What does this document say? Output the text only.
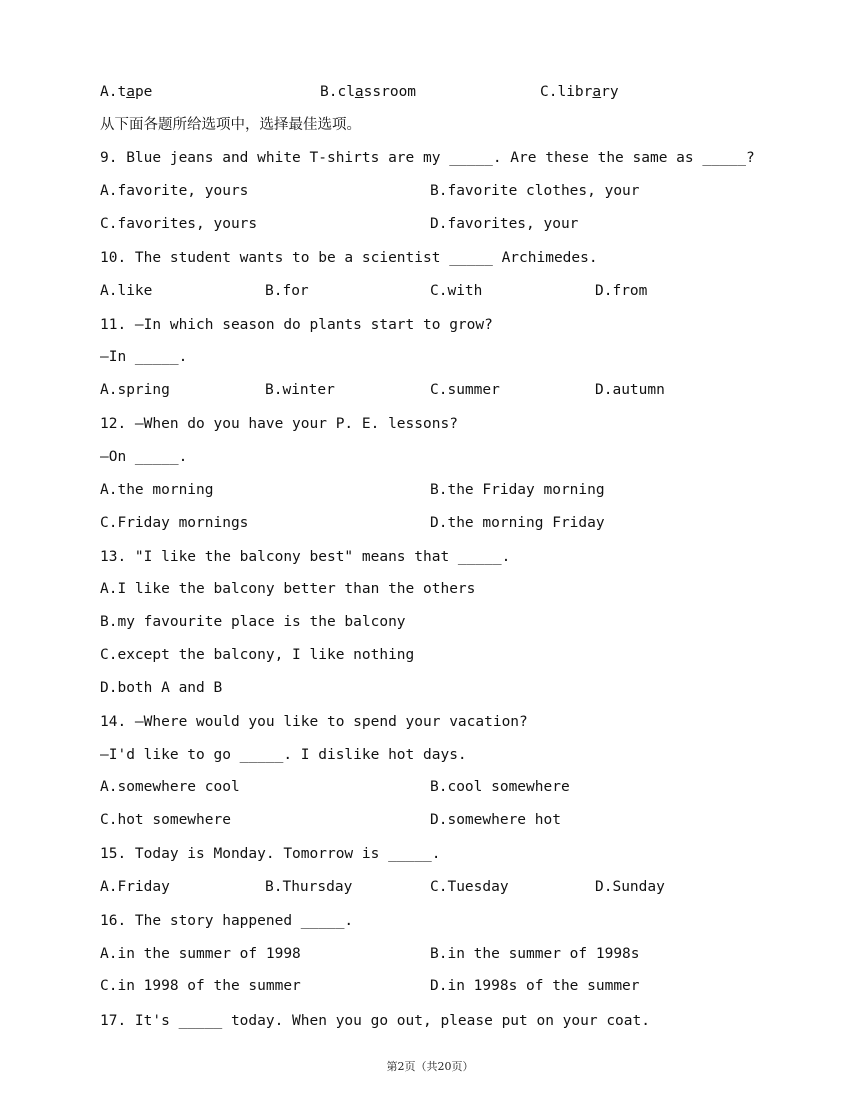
A.tape	B.classroom	C.library
从下面各题所给选项中，选择最佳选项。
9. Blue jeans and white T-shirts are my _____. Are these the same as _____?
A.favorite, yours	B.favorite clothes, your
C.favorites, yours	D.favorites, your
10. The student wants to be a scientist _____ Archimedes.
A.like	B.for	C.with	D.from
11. —In which season do plants start to grow?
—In _____.
A.spring	B.winter	C.summer	D.autumn
12. —When do you have your P. E. lessons?
—On _____.
A.the morning	B.the Friday morning
C.Friday mornings	D.the morning Friday
13. "I like the balcony best" means that _____.
A.I like the balcony better than the others
B.my favourite place is the balcony
C.except the balcony, I like nothing
D.both A and B
14. —Where would you like to spend your vacation?
—I'd like to go _____. I dislike hot days.
A.somewhere cool	B.cool somewhere
C.hot somewhere	D.somewhere hot
15. Today is Monday. Tomorrow is _____.
A.Friday	B.Thursday	C.Tuesday	D.Sunday
16. The story happened _____.
A.in the summer of 1998	B.in the summer of 1998s
C.in 1998 of the summer	D.in 1998s of the summer
17. It's _____ today. When you go out, please put on your coat.
第2页（共20页）
